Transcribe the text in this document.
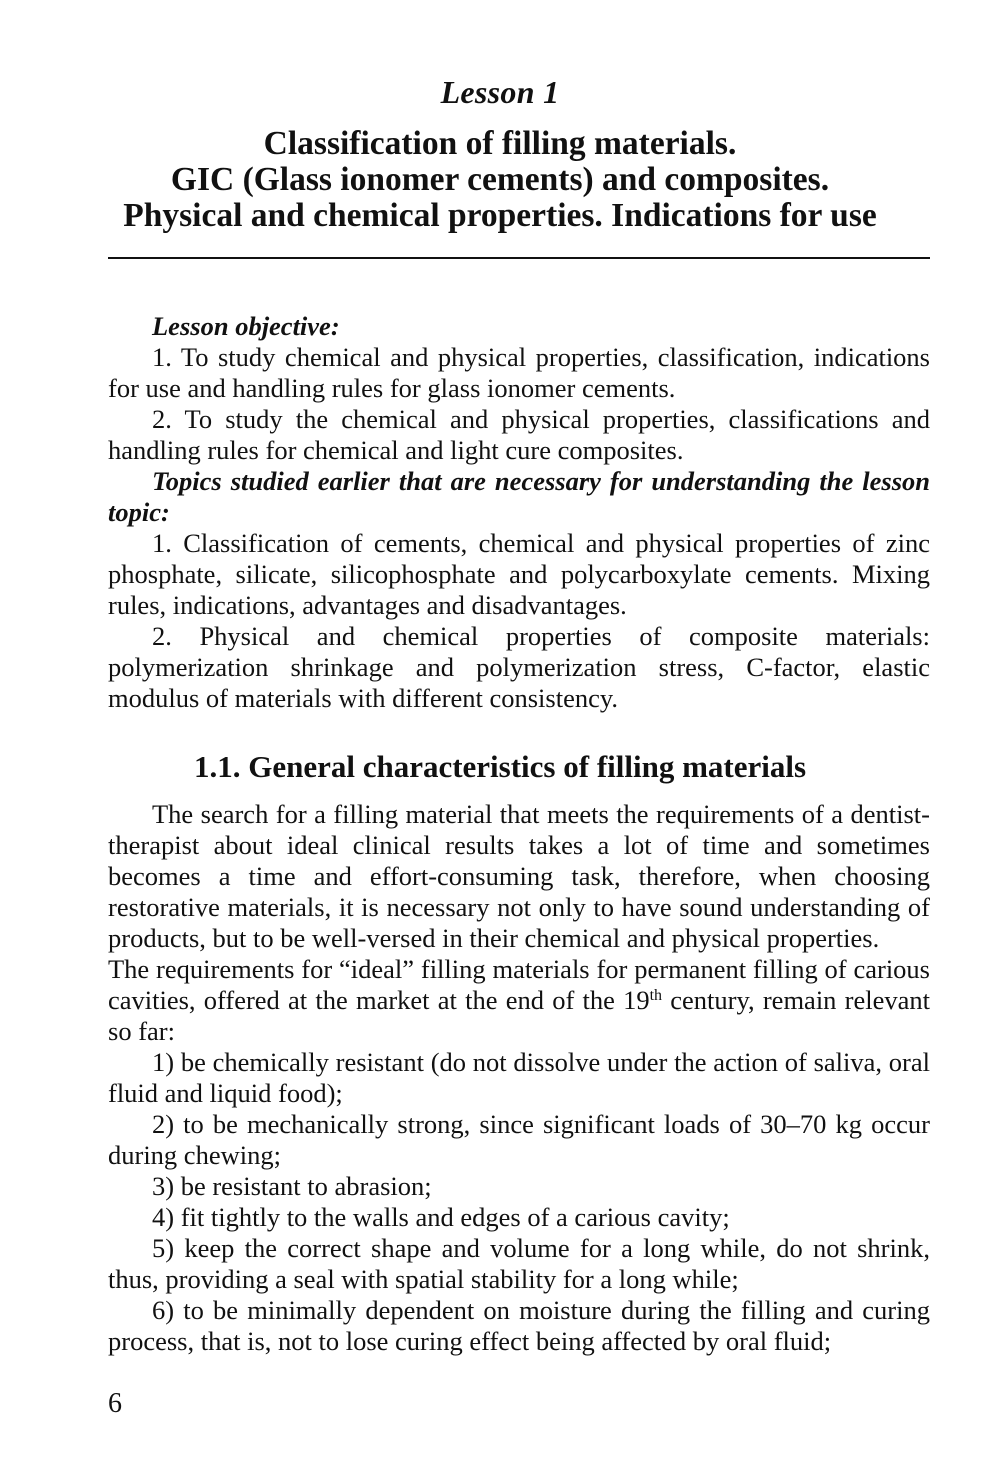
Lesson 1
Classification of filling materials.
GIC (Glass ionomer cements) and composites.
Physical and chemical properties. Indications for use

Lesson objective:

1. To study chemical and physical properties, classification, indications for use and handling rules for glass ionomer cements.

2. To study the chemical and physical properties, classifications and handling rules for chemical and light cure composites.

Topics studied earlier that are necessary for understanding the lesson topic:

1. Classification of cements, chemical and physical properties of zinc phosphate, silicate, silicophosphate and polycarboxylate cements. Mixing rules, indications, advantages and disadvantages.

2. Physical and chemical properties of composite materials: polymerization shrinkage and polymerization stress, C-factor, elastic modulus of materials with different consistency.

1.1. General characteristics of filling materials

The search for a filling material that meets the requirements of a dentist-therapist about ideal clinical results takes a lot of time and sometimes becomes a time and effort-consuming task, therefore, when choosing restorative materials, it is necessary not only to have sound understanding of products, but to be well-versed in their chemical and physical properties.

The requirements for “ideal” filling materials for permanent filling of carious cavities, offered at the market at the end of the 19th century, remain relevant so far:

1) be chemically resistant (do not dissolve under the action of saliva, oral fluid and liquid food);

2) to be mechanically strong, since significant loads of 30–70 kg occur during chewing;

3) be resistant to abrasion;

4) fit tightly to the walls and edges of a carious cavity;

5) keep the correct shape and volume for a long while, do not shrink, thus, providing a seal with spatial stability for a long while;

6) to be minimally dependent on moisture during the filling and curing process, that is, not to lose curing effect being affected by oral fluid;

6
